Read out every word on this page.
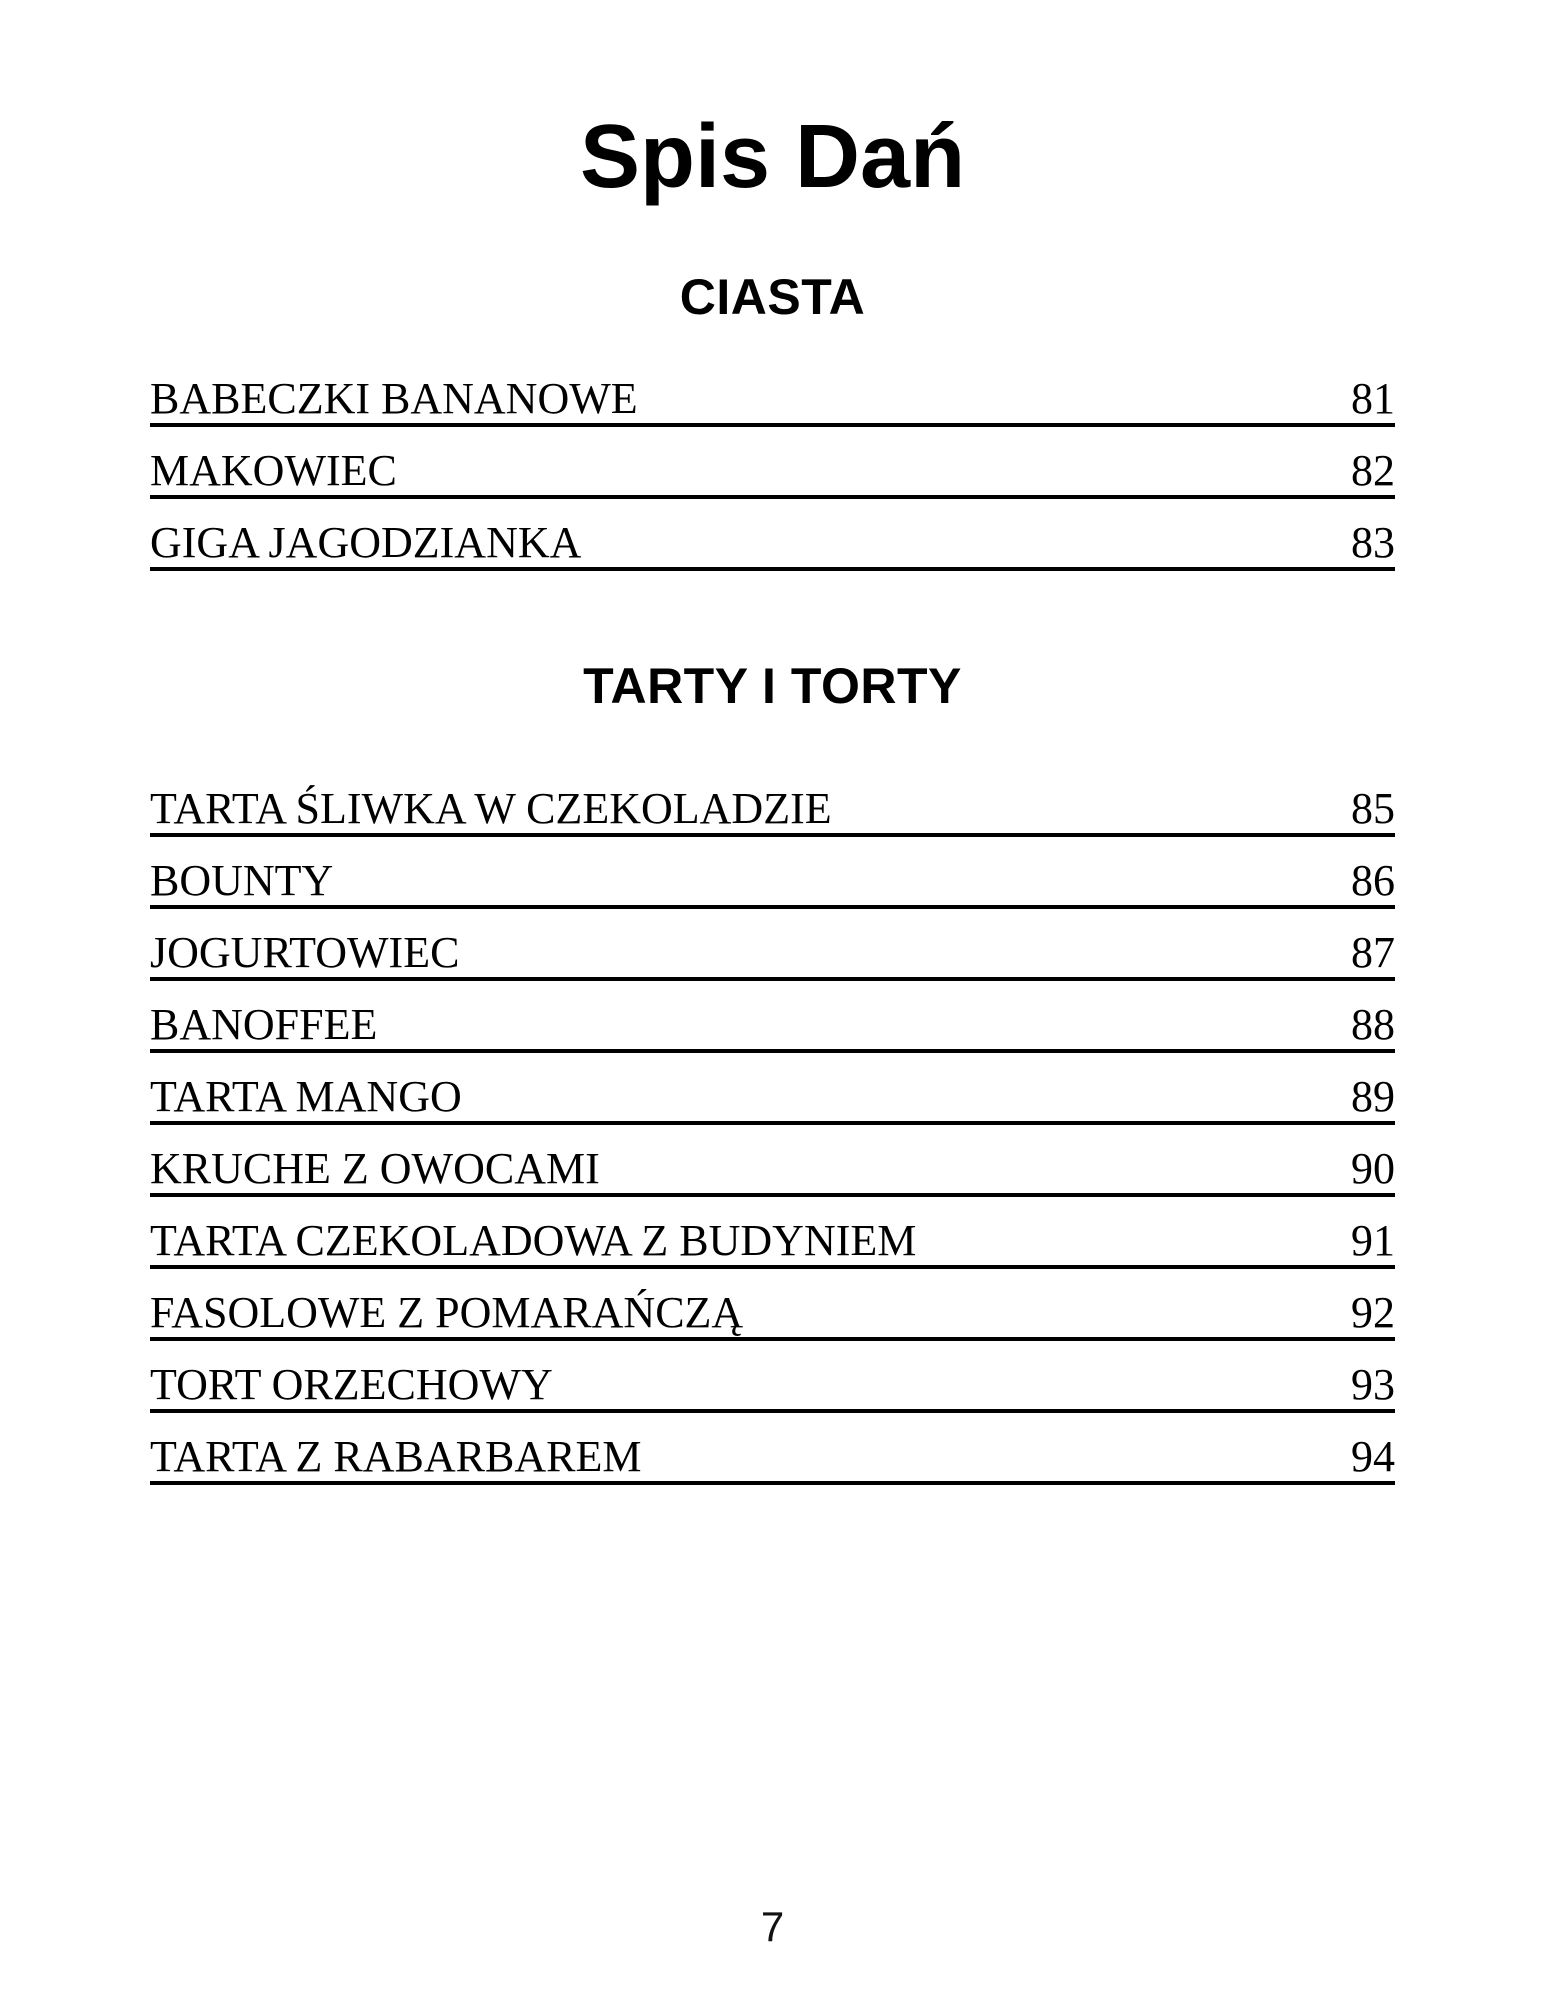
Spis Dań
CIASTA
BABECZKI BANANOWE	81
MAKOWIEC	82
GIGA JAGODZIANKA	83
TARTY I TORTY
TARTA ŚLIWKA W CZEKOLADZIE	85
BOUNTY	86
JOGURTOWIEC	87
BANOFFEE	88
TARTA MANGO	89
KRUCHE Z OWOCAMI	90
TARTA CZEKOLADOWA Z BUDYNIEM	91
FASOLOWE Z POMARAŃCZĄ	92
TORT ORZECHOWY	93
TARTA Z RABARBAREM	94
7
